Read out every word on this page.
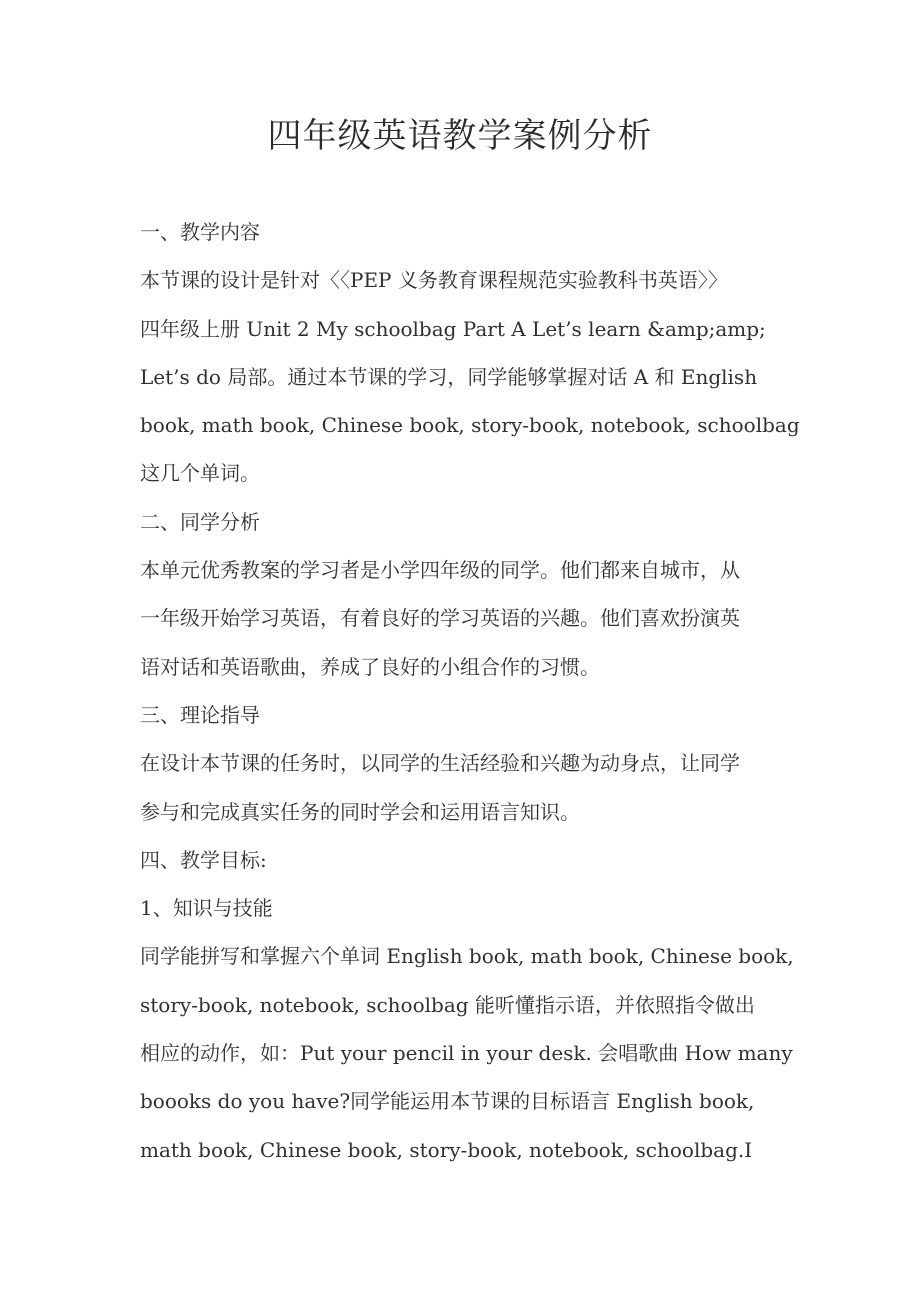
四年级英语教学案例分析
一、教学内容
本节课的设计是针对〈〈PEP 义务教育课程规范实验教科书英语〉〉
四年级上册 Unit 2 My schoolbag Part A Let’s learn &amp;amp;
Let’s do 局部。通过本节课的学习，同学能够掌握对话 A 和 English
book, math book, Chinese book, story-book, notebook, schoolbag
这几个单词。
二、同学分析
本单元优秀教案的学习者是小学四年级的同学。他们都来自城市，从
一年级开始学习英语，有着良好的学习英语的兴趣。他们喜欢扮演英
语对话和英语歌曲，养成了良好的小组合作的习惯。
三、理论指导
在设计本节课的任务时，以同学的生活经验和兴趣为动身点，让同学
参与和完成真实任务的同时学会和运用语言知识。
四、教学目标:
1、知识与技能
同学能拼写和掌握六个单词 English book, math book, Chinese book,
story-book, notebook, schoolbag 能听懂指示语，并依照指令做出
相应的动作，如：Put your pencil in your desk. 会唱歌曲 How many
boooks do you have?同学能运用本节课的目标语言 English book,
math book, Chinese book, story-book, notebook, schoolbag.I
